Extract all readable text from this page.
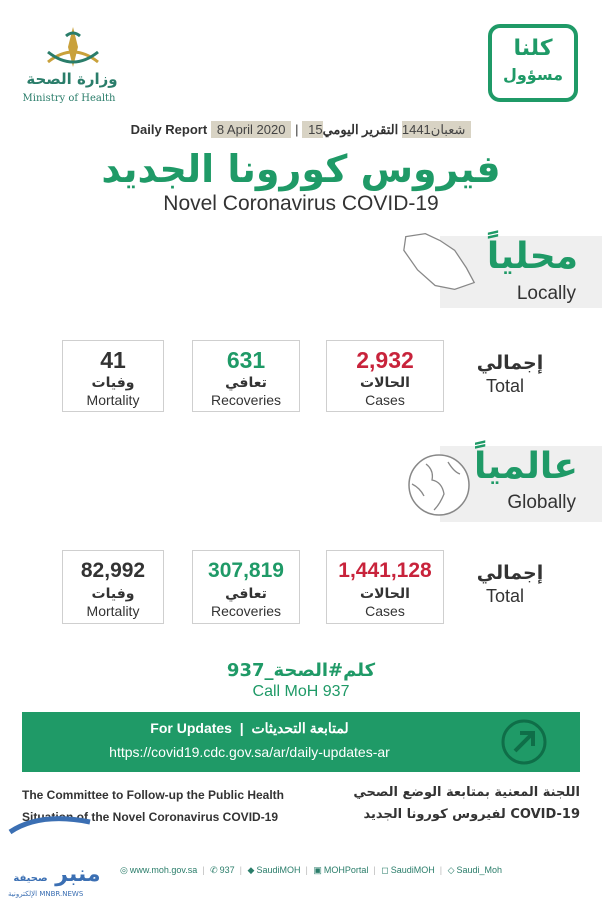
وزارة الصحة
Ministry of Health
كلنا
مسؤول
Daily Report 8 April 2020 | 15شعبان1441 التقرير اليومي
فيروس كورونا الجديد
Novel Coronavirus COVID-19
محلياً
Locally
2,932
الحالات
Cases
631
تعافي
Recoveries
41
وفيات
Mortality
إجمالي
Total
عالمياً
Globally
1,441,128
الحالات
Cases
307,819
تعافي
Recoveries
82,992
وفيات
Mortality
إجمالي
Total
كلم#الصحة_937
Call MoH 937
For Updates  |  لمتابعة التحديثات
https://covid19.cdc.gov.sa/ar/daily-updates-ar
The Committee to Follow-up the Public Health
Situation of the Novel Coronavirus COVID-19
اللجنة المعنية بمتابعة الوضع الصحي
لفيروس كورونا الجديد COVID-19
منبر صحيفة
الإلكترونية MNBR.NEWS
◎ www.moh.gov.sa | ✆ 937 | ◆ SaudiMOH | ▣ MOHPortal | ◻ SaudiMOH | ◇ Saudi_Moh
